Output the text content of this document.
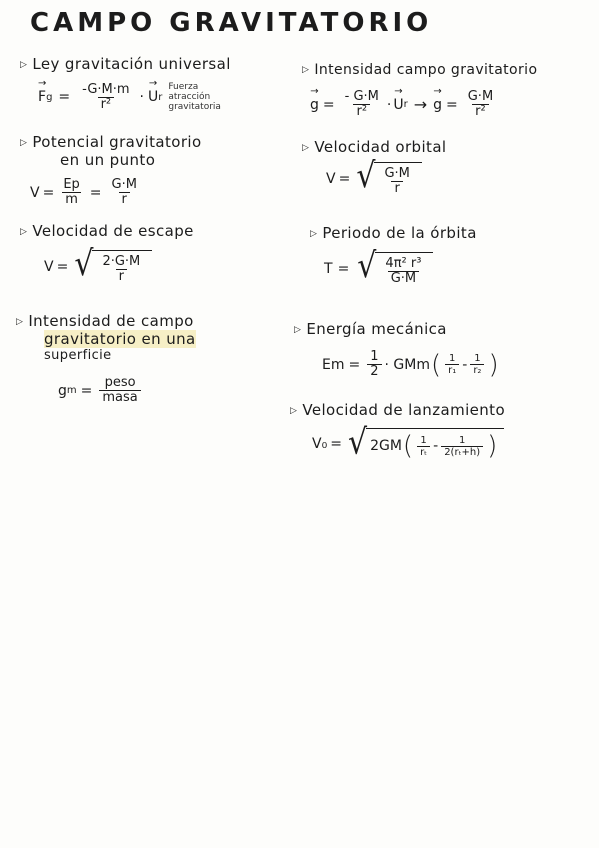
CAMPO GRAVITATORIO
▷ Ley gravitación universal
→ F $g = \frac{-G\cdot M\cdot m}{\text{r²}}$ · → U r
Fuerza
atracción
gravitatoria
▷ Intensidad campo gravitatorio
→ $g = \frac{- G\cdot M}{\text{r²}}$ · → U r → → $g = \frac{G\cdot M}{\text{r²}}$
▷ Potencial gravitatorio
en un punto
$V = \frac{Ep}{m} = \frac{G\cdot M}{r}$
▷ Velocidad orbital
V = √ $\frac{G\cdot M}{r}$
▷ Velocidad de escape
V = √ $\frac{2\cdot G\cdot M}{r}$
▷ Periodo de la órbita
T = √ $\frac{\text{4π² r³}}{G\cdot M}$
▷ Intensidad de campo
gravitatorio en una
superficie
g $m = \frac{\text{peso}}{\text{masa}}$
▷ Energía mecánica
$Em = \frac{1}{2}$ · GMm ( $\frac{1}{\text{r₁}} - \frac{1}{\text{r₂}}$ )
▷ Velocidad de lanzamiento
V₀ = √ 2GM ( $\frac{1}{\text{rₜ}} - \frac{1}{\text{2(rₜ+h)}}$ )
